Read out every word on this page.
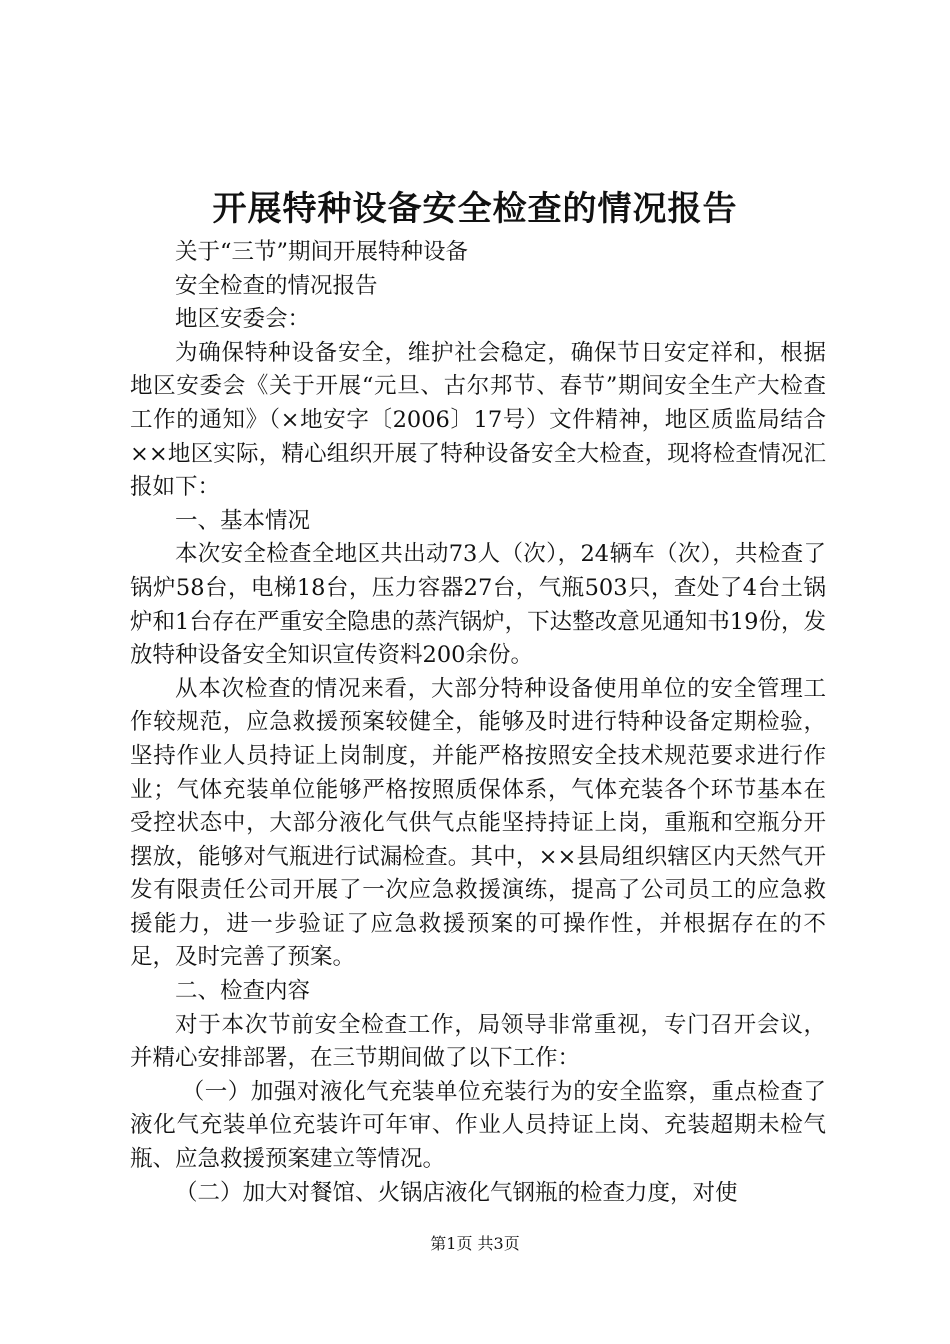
开展特种设备安全检查的情况报告

关于“三节”期间开展特种设备

安全检查的情况报告

地区安委会：

为确保特种设备安全，维护社会稳定，确保节日安定祥和，根据地区安委会《关于开展“元旦、古尔邦节、春节”期间安全生产大检查工作的通知》（×地安字〔2006〕17号）文件精神，地区质监局结合××地区实际，精心组织开展了特种设备安全大检查，现将检查情况汇报如下：

一、基本情况

本次安全检查全地区共出动73人（次），24辆车（次），共检查了锅炉58台，电梯18台，压力容器27台，气瓶503只，查处了4台土锅炉和1台存在严重安全隐患的蒸汽锅炉，下达整改意见通知书19份，发放特种设备安全知识宣传资料200余份。

从本次检查的情况来看，大部分特种设备使用单位的安全管理工作较规范，应急救援预案较健全，能够及时进行特种设备定期检验，坚持作业人员持证上岗制度，并能严格按照安全技术规范要求进行作业；气体充装单位能够严格按照质保体系，气体充装各个环节基本在受控状态中，大部分液化气供气点能坚持持证上岗，重瓶和空瓶分开摆放，能够对气瓶进行试漏检查。其中，××县局组织辖区内天然气开发有限责任公司开展了一次应急救援演练，提高了公司员工的应急救援能力，进一步验证了应急救援预案的可操作性，并根据存在的不足，及时完善了预案。

二、检查内容

对于本次节前安全检查工作，局领导非常重视，专门召开会议，并精心安排部署，在三节期间做了以下工作：

（一）加强对液化气充装单位充装行为的安全监察，重点检查了液化气充装单位充装许可年审、作业人员持证上岗、充装超期未检气瓶、应急救援预案建立等情况。

（二）加大对餐馆、火锅店液化气钢瓶的检查力度，对使

第1页 共3页
